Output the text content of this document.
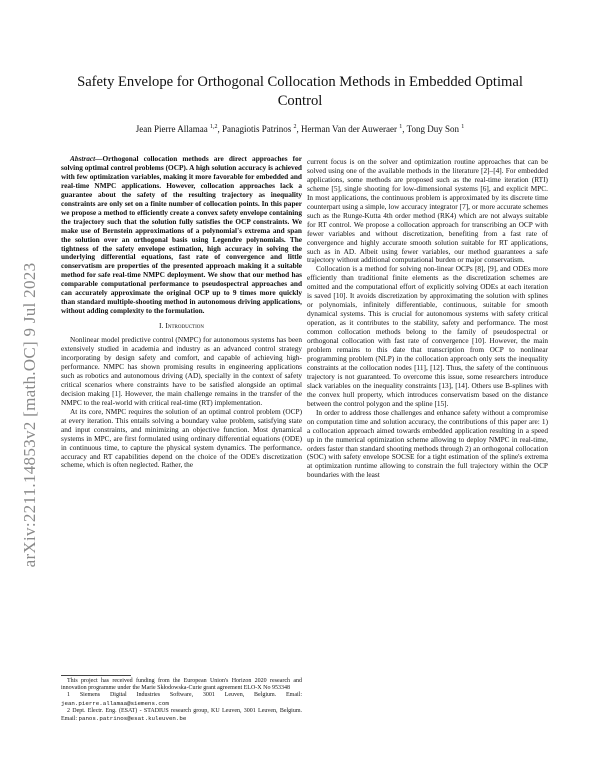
arXiv:2211.14853v2 [math.OC] 9 Jul 2023
Safety Envelope for Orthogonal Collocation Methods in Embedded Optimal Control
Jean Pierre Allamaa $^{1,2}$, Panagiotis Patrinos $^2$, Herman Van der Auweraer $^1$, Tong Duy Son $^1$

Abstract—Orthogonal collocation methods are direct approaches for solving optimal control problems (OCP). A high solution accuracy is achieved with few optimization variables, making it more favorable for embedded and real-time NMPC applications. However, collocation approaches lack a guarantee about the safety of the resulting trajectory as inequality constraints are only set on a finite number of collocation points. In this paper we propose a method to efficiently create a convex safety envelope containing the trajectory such that the solution fully satisfies the OCP constraints. We make use of Bernstein approximations of a polynomial's extrema and span the solution over an orthogonal basis using Legendre polynomials. The tightness of the safety envelope estimation, high accuracy in solving the underlying differential equations, fast rate of convergence and little conservatism are properties of the presented approach making it a suitable method for safe real-time NMPC deployment. We show that our method has comparable computational performance to pseudospectral approaches and can accurately approximate the original OCP up to 9 times more quickly than standard multiple-shooting method in autonomous driving applications, without adding complexity to the formulation.

I. Introduction

Nonlinear model predictive control (NMPC) for autonomous systems has been extensively studied in academia and industry as an advanced control strategy incorporating by design safety and comfort, and capable of achieving high-performance. NMPC has shown promising results in engineering applications such as robotics and autonomous driving (AD), specially in the context of safety critical scenarios where constraints have to be satisfied alongside an optimal decision making [1]. However, the main challenge remains in the transfer of the NMPC to the real-world with critical real-time (RT) implementation.

At its core, NMPC requires the solution of an optimal control problem (OCP) at every iteration. This entails solving a boundary value problem, satisfying state and input constraints, and minimizing an objective function. Most dynamical systems in MPC, are first formulated using ordinary differential equations (ODE) in continuous time, to capture the physical system dynamics. The performance, accuracy and RT capabilities depend on the choice of the ODE's discretization scheme, which is often neglected. Rather, the

This project has received funding from the European Union's Horizon 2020 research and innovation programme under the Marie Skłodowska-Curie grant agreement ELO-X No 953348

1 Siemens Digital Industries Software, 3001 Leuven, Belgium. Email: jean.pierre.allamaa@siemens.com

2 Dept. Electr. Eng. (ESAT) - STADIUS research group, KU Leuven, 3001 Leuven, Belgium. Email: panos.patrinos@esat.kuleuven.be

current focus is on the solver and optimization routine approaches that can be solved using one of the available methods in the literature [2]–[4]. For embedded applications, some methods are proposed such as the real-time iteration (RTI) scheme [5], single shooting for low-dimensional systems [6], and explicit MPC. In most applications, the continuous problem is approximated by its discrete time counterpart using a simple, low accuracy integrator [7], or more accurate schemes such as the Runge-Kutta 4th order method (RK4) which are not always suitable for RT control. We propose a collocation approach for transcribing an OCP with fewer variables and without discretization, benefiting from a fast rate of convergence and highly accurate smooth solution suitable for RT applications, such as in AD. Albeit using fewer variables, our method guarantees a safe trajectory without additional computational burden or major conservatism.

Collocation is a method for solving non-linear OCPs [8], [9], and ODEs more efficiently than traditional finite elements as the discretization schemes are omitted and the computational effort of explicitly solving ODEs at each iteration is saved [10]. It avoids discretization by approximating the solution with splines or polynomials, infinitely differentiable, continuous, suitable for smooth dynamical systems. This is crucial for autonomous systems with safety critical operation, as it contributes to the stability, safety and performance. The most common collocation methods belong to the family of pseudospectral or orthogonal collocation with fast rate of convergence [10]. However, the main problem remains to this date that transcription from OCP to nonlinear programming problem (NLP) in the collocation approach only sets the inequality constraints at the collocation nodes [11], [12]. Thus, the safety of the continuous trajectory is not guaranteed. To overcome this issue, some researchers introduce slack variables on the inequality constraints [13], [14]. Others use B-splines with the convex hull property, which introduces conservatism based on the distance between the control polygon and the spline [15].

In order to address those challenges and enhance safety without a compromise on computation time and solution accuracy, the contributions of this paper are: 1) a collocation approach aimed towards embedded application resulting in a speed up in the numerical optimization scheme allowing to deploy NMPC in real-time, orders faster than standard shooting methods through 2) an orthogonal collocation (SOC) with safety envelope SOCSE for a tight estimation of the spline's extrema at optimization runtime allowing to constrain the full trajectory within the OCP boundaries with the least
